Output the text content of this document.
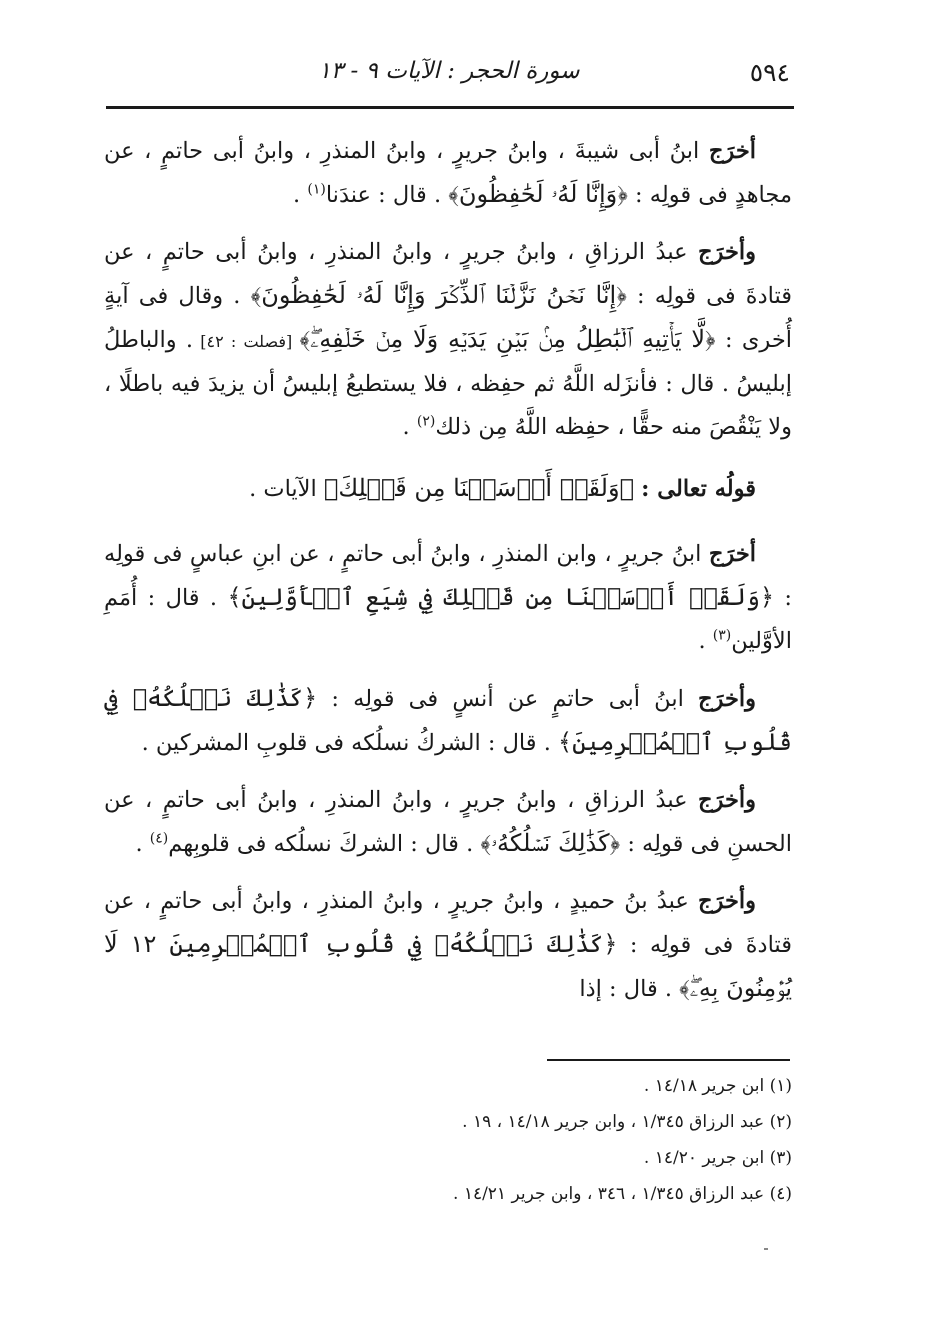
٥٩٤
سورة الحجر : الآيات ٩ - ١٣

أخرَج ابنُ أبى شيبةَ ، وابنُ جريرٍ ، وابنُ المنذرِ ، وابنُ أبى حاتمٍ ، عن مجاهدٍ فى قولِه : ﴿وَإِنَّا لَهُۥ لَحَٰفِظُونَ﴾ . قال : عندَنا$^{(١)}$ .

وأخرَج عبدُ الرزاقِ ، وابنُ جريرٍ ، وابنُ المنذرِ ، وابنُ أبى حاتمٍ ، عن قتادةَ فى قولِه : ﴿إِنَّا نَحۡنُ نَزَّلۡنَا ٱلذِّكۡرَ وَإِنَّا لَهُۥ لَحَٰفِظُونَ﴾ . وقال فى آيةٍ أُخرى : ﴿لَّا يَأۡتِيهِ ٱلۡبَٰطِلُ مِنۢ بَيۡنِ يَدَيۡهِ وَلَا مِنۡ خَلۡفِهِۦۖ﴾ [فصلت : ٤٢] . والباطلُ إبليسُ . قال : فأنزَله اللَّهُ ثم حفِظه ، فلا يستطيعُ إبليسُ أن يزيدَ فيه باطلًا ، ولا يَنْقُصَ منه حقًّا ، حفِظه اللَّهُ مِن ذلك$^{(٢)}$ .

قولُه تعالى : ﴿وَلَقَدۡ أَرۡسَلۡنَا مِن قَبۡلِكَ﴾ الآيات .

أخرَج ابنُ جريرٍ ، وابن المنذرِ ، وابنُ أبى حاتمٍ ، عن ابنِ عباسٍ فى قولِه : ﴿وَلَقَدۡ أَرۡسَلۡنَا مِن قَبۡلِكَ فِي شِيَعِ ٱلۡأَوَّلِينَ﴾ . قال : أُمَمِ الأوَّلين$^{(٣)}$ .

وأخرَج ابنُ أبى حاتمٍ عن أنسٍ فى قولِه : ﴿كَذَٰلِكَ نَسۡلُكُهُۥ فِي قُلُوبِ ٱلۡمُجۡرِمِينَ﴾ . قال : الشركُ نسلُكه فى قلوبِ المشركين .

وأخرَج عبدُ الرزاقِ ، وابنُ جريرٍ ، وابنُ المنذرِ ، وابنُ أبى حاتمٍ ، عن الحسنِ فى قولِه : ﴿كَذَٰلِكَ نَسۡلُكُهُۥ﴾ . قال : الشركَ نسلُكه فى قلوبِهم$^{(٤)}$ .

وأخرَج عبدُ بنُ حميدٍ ، وابنُ جريرٍ ، وابنُ المنذرِ ، وابنُ أبى حاتمٍ ، عن قتادةَ فى قولِه : ﴿كَذَٰلِكَ نَسۡلُكُهُۥ فِي قُلُوبِ ٱلۡمُجۡرِمِينَ ١٢ لَا يُؤۡمِنُونَ بِهِۦۖ﴾ . قال : إذا

(١) ابن جرير ١٤/١٨ .

(٢) عبد الرزاق ١/٣٤٥ ، وابن جرير ١٤/١٨ ، ١٩ .

(٣) ابن جرير ١٤/٢٠ .

(٤) عبد الرزاق ١/٣٤٥ ، ٣٤٦ ، وابن جرير ١٤/٢١ .
